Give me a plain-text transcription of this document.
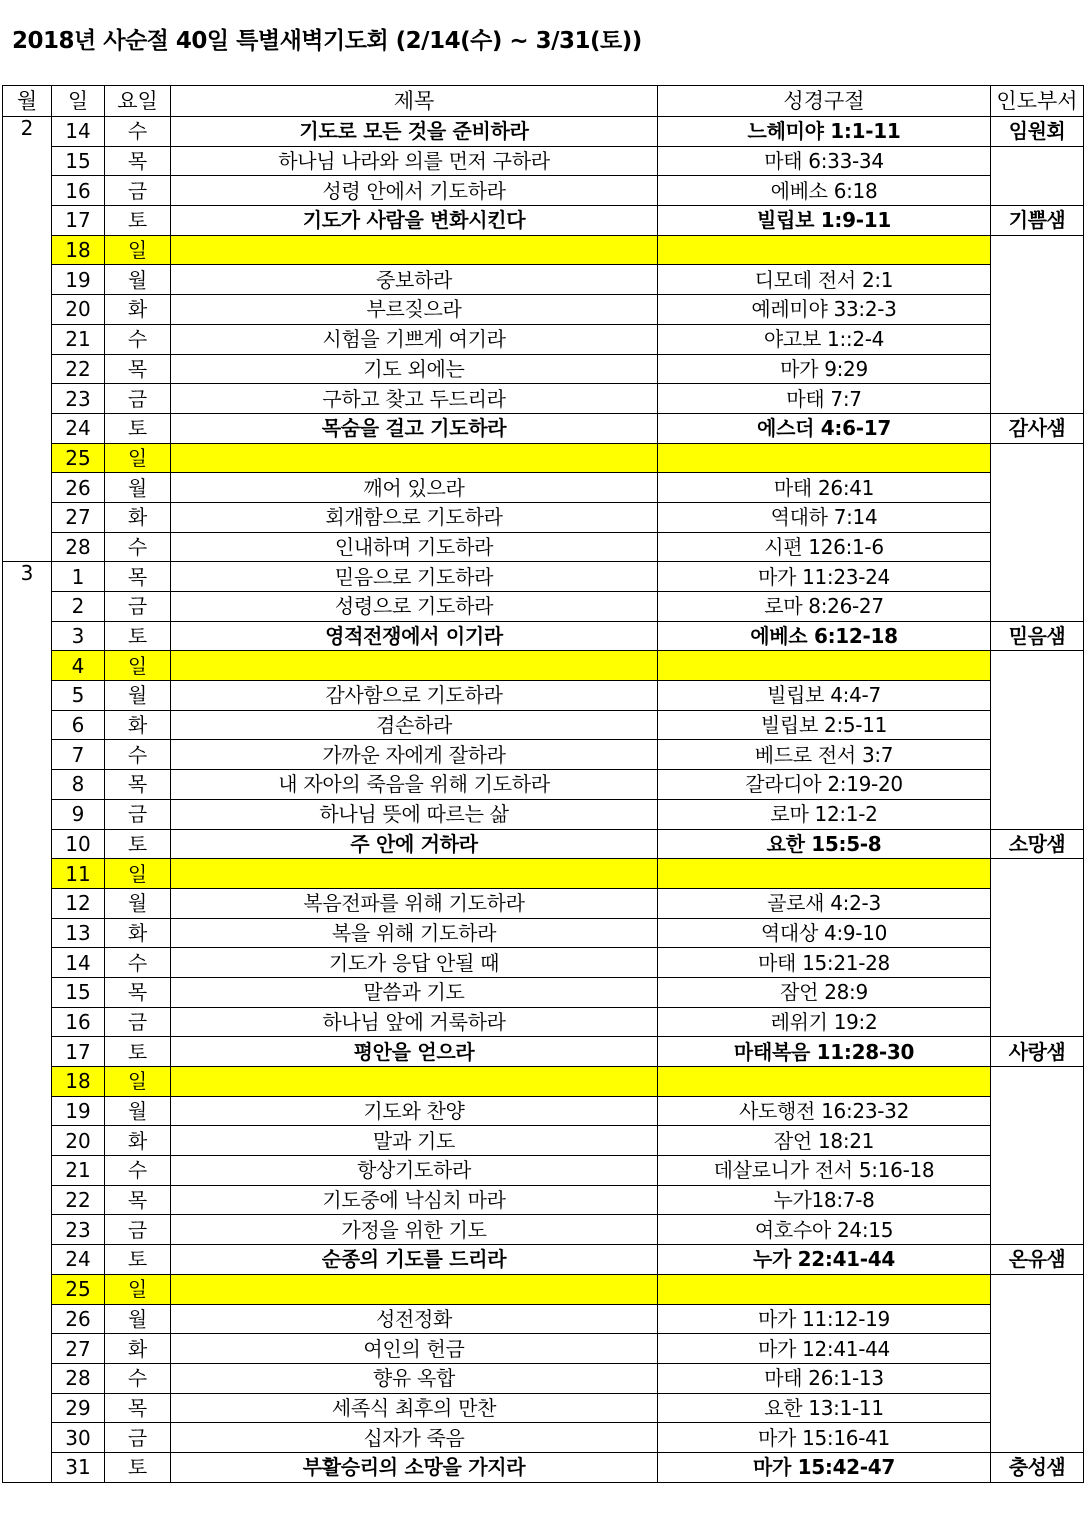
2018년 사순절 40일 특별새벽기도회 (2/14(수) ~ 3/31(토))
월	일	요일	제목	성경구절	인도부서
2	14	수	기도로 모든 것을 준비하라	느헤미야 1:1-11	임원회
	15	목	하나님 나라와 의를 먼저 구하라	마태 6:33-34	
	16	금	성령 안에서 기도하라	에베소 6:18	
	17	토	기도가 사람을 변화시킨다	빌립보 1:9-11	기쁨샘
	18	일			
	19	월	중보하라	디모데 전서 2:1	
	20	화	부르짖으라	예레미야 33:2-3	
	21	수	시험을 기쁘게 여기라	야고보 1::2-4	
	22	목	기도 외에는	마가 9:29	
	23	금	구하고 찾고 두드리라	마태 7:7	
	24	토	목숨을 걸고 기도하라	에스더 4:6-17	감사샘
	25	일			
	26	월	깨어 있으라	마태 26:41	
	27	화	회개함으로 기도하라	역대하 7:14	
	28	수	인내하며 기도하라	시편 126:1-6	
3	1	목	믿음으로 기도하라	마가 11:23-24	
	2	금	성령으로 기도하라	로마 8:26-27	
	3	토	영적전쟁에서 이기라	에베소 6:12-18	믿음샘
	4	일			
	5	월	감사함으로 기도하라	빌립보 4:4-7	
	6	화	겸손하라	빌립보 2:5-11	
	7	수	가까운 자에게 잘하라	베드로 전서 3:7	
	8	목	내 자아의 죽음을 위해 기도하라	갈라디아 2:19-20	
	9	금	하나님 뜻에 따르는 삶	로마 12:1-2	
	10	토	주 안에 거하라	요한 15:5-8	소망샘
	11	일			
	12	월	복음전파를 위해 기도하라	골로새 4:2-3	
	13	화	복을 위해 기도하라	역대상 4:9-10	
	14	수	기도가 응답 안될 때	마태 15:21-28	
	15	목	말씀과 기도	잠언 28:9	
	16	금	하나님 앞에 거룩하라	레위기 19:2	
	17	토	평안을 얻으라	마태복음 11:28-30	사랑샘
	18	일			
	19	월	기도와 찬양	사도행전 16:23-32	
	20	화	말과 기도	잠언 18:21	
	21	수	항상기도하라	데살로니가 전서 5:16-18	
	22	목	기도중에 낙심치 마라	누가18:7-8	
	23	금	가정을 위한 기도	여호수아 24:15	
	24	토	순종의 기도를 드리라	누가 22:41-44	온유샘
	25	일			
	26	월	성전정화	마가 11:12-19	
	27	화	여인의 헌금	마가 12:41-44	
	28	수	향유 옥합	마태 26:1-13	
	29	목	세족식 최후의 만찬	요한 13:1-11	
	30	금	십자가 죽음	마가 15:16-41	
	31	토	부활승리의 소망을 가지라	마가 15:42-47	충성샘
